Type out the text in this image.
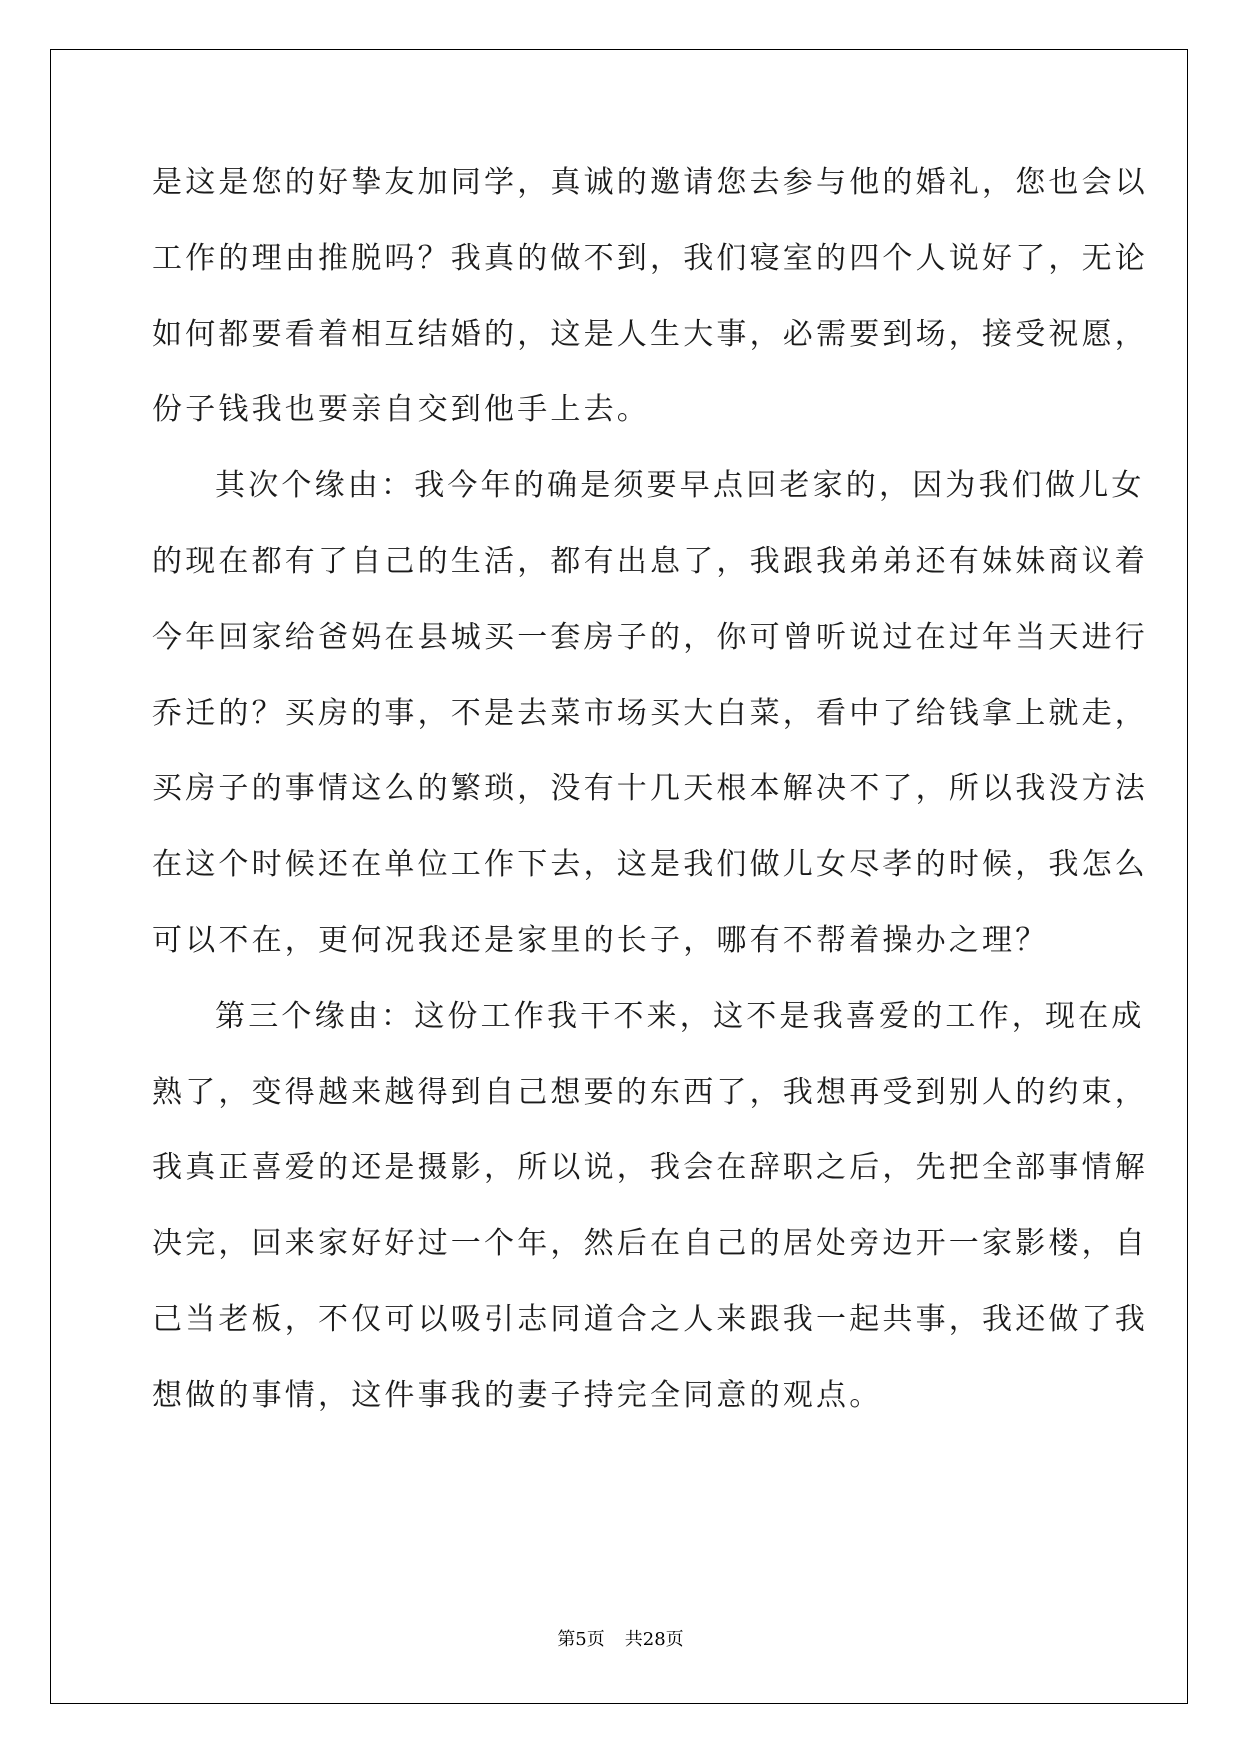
是这是您的好挚友加同学，真诚的邀请您去参与他的婚礼，您也会以
工作的理由推脱吗？我真的做不到，我们寝室的四个人说好了，无论
如何都要看着相互结婚的，这是人生大事，必需要到场，接受祝愿，
份子钱我也要亲自交到他手上去。
其次个缘由：我今年的确是须要早点回老家的，因为我们做儿女
的现在都有了自己的生活，都有出息了，我跟我弟弟还有妹妹商议着
今年回家给爸妈在县城买一套房子的，你可曾听说过在过年当天进行
乔迁的？买房的事，不是去菜市场买大白菜，看中了给钱拿上就走，
买房子的事情这么的繁琐，没有十几天根本解决不了，所以我没方法
在这个时候还在单位工作下去，这是我们做儿女尽孝的时候，我怎么
可以不在，更何况我还是家里的长子，哪有不帮着操办之理？
第三个缘由：这份工作我干不来，这不是我喜爱的工作，现在成
熟了，变得越来越得到自己想要的东西了，我想再受到别人的约束，
我真正喜爱的还是摄影，所以说，我会在辞职之后，先把全部事情解
决完，回来家好好过一个年，然后在自己的居处旁边开一家影楼，自
己当老板，不仅可以吸引志同道合之人来跟我一起共事，我还做了我
想做的事情，这件事我的妻子持完全同意的观点。
第5页 共28页
